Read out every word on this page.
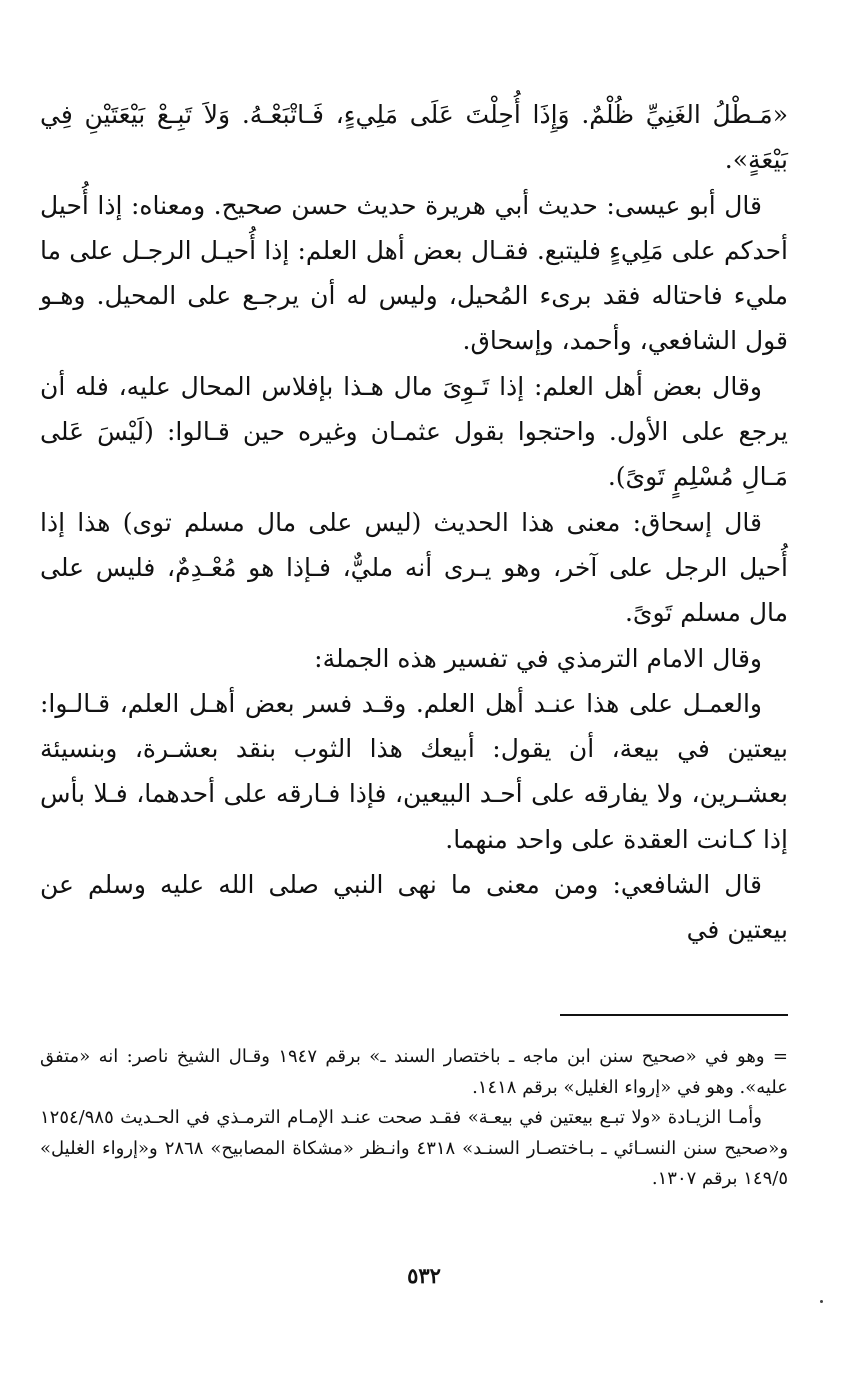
«مَـطْلُ الغَنِيِّ ظُلْمٌ. وَإِذَا أُحِلْتَ عَلَى مَلِيءٍ، فَـاتْبَعْـهُ. وَلاَ تَبِـعْ بَيْعَتَيْنِ فِي بَيْعَةٍ».

قال أبو عيسى: حديث أبي هريرة حديث حسن صحيح. ومعناه: إذا أُحيل أحدكم على مَلِيءٍ فليتبع. فقـال بعض أهل العلم: إذا أُحيـل الرجـل على ما مليء فاحتاله فقد برىء المُحيل، وليس له أن يرجـع على المحيل. وهـو قول الشافعي، وأحمد، وإسحاق.

وقال بعض أهل العلم: إذا تَـوِىَ مال هـذا بإفلاس المحال عليه، فله أن يرجع على الأول. واحتجوا بقول عثمـان وغيره حين قـالوا: (لَيْسَ عَلى مَـالِ مُسْلِمٍ تَوىً).

قال إسحاق: معنى هذا الحديث (ليس على مال مسلم توى) هذا إذا أُحيل الرجل على آخر، وهو يـرى أنه مليٌّ، فـإذا هو مُعْـدِمٌ، فليس على مال مسلم تَوىً.

وقال الامام الترمذي في تفسير هذه الجملة:

والعمـل على هذا عنـد أهل العلم. وقـد فسر بعض أهـل العلم، قـالـوا: بيعتين في بيعة، أن يقول: أبيعك هذا الثوب بنقد بعشـرة، وبنسيئة بعشـرين، ولا يفارقه على أحـد البيعين، فإذا فـارقه على أحدهما، فـلا بأس إذا كـانت العقدة على واحد منهما.

قال الشافعي: ومن معنى ما نهى النبي صلى الله عليه وسلم عن بيعتين في

= وهو في «صحيح سنن ابن ماجه ـ باختصار السند ـ» برقم ١٩٤٧ وقـال الشيخ ناصر: انه «متفق عليه». وهو في «إرواء الغليل» برقم ١٤١٨.

وأمـا الزيـادة «ولا تبـع بيعتين في بيعـة» فقـد صحت عنـد الإمـام الترمـذي في الحـديث ١٢٥٤/٩٨٥ و«صحيح سنن النسـائي ـ بـاختصـار السنـد» ٤٣١٨ وانـظر «مشكاة المصابيح» ٢٨٦٨ و«إرواء الغليل» ١٤٩/٥ برقم ١٣٠٧.

٥٣٢
